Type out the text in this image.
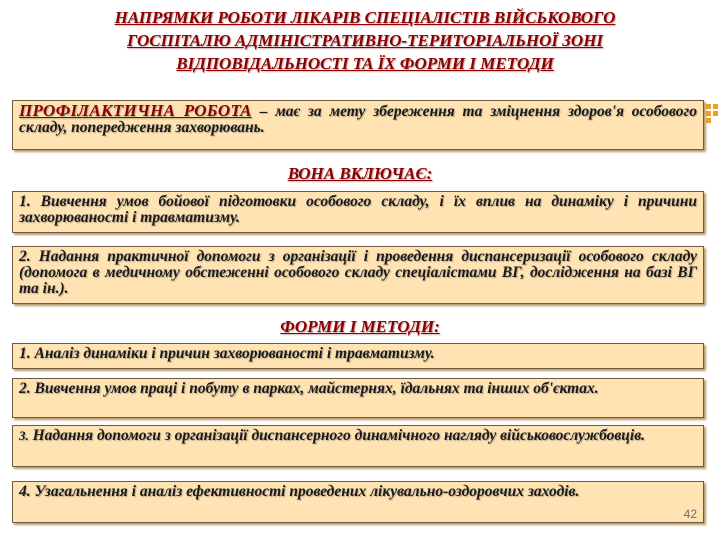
НАПРЯМКИ РОБОТИ ЛІКАРІВ СПЕЦІАЛІСТІВ ВІЙСЬКОВОГО
ГОСПІТАЛЮ АДМІНІСТРАТИВНО-ТЕРИТОРІАЛЬНОЇ ЗОНІ
ВІДПОВІДАЛЬНОСТІ ТА ЇХ ФОРМИ І МЕТОДИ
ПРОФІЛАКТИЧНА РОБОТА – має за мету збереження та зміцнення здоров'я особового складу, попередження захворювань.
ВОНА ВКЛЮЧАЄ:
1. Вивчення умов бойової підготовки особового складу, і їх вплив на динаміку і причини захворюваності і травматизму.
2. Надання практичної допомоги з організації і проведення диспансеризації особового складу (допомога в медичному обстеженні особового складу спеціалістами ВГ, дослідження на базі ВГ та ін.).
ФОРМИ І МЕТОДИ:
1. Аналіз динаміки і причин захворюваності і травматизму.
2. Вивчення умов праці і побуту в парках, майстернях, їдальнях та інших об'єктах.
3. Надання допомоги з організації диспансерного динамічного нагляду військовослужбовців.
4. Узагальнення і аналіз ефективності проведених лікувально-оздоровчих заходів.
42
